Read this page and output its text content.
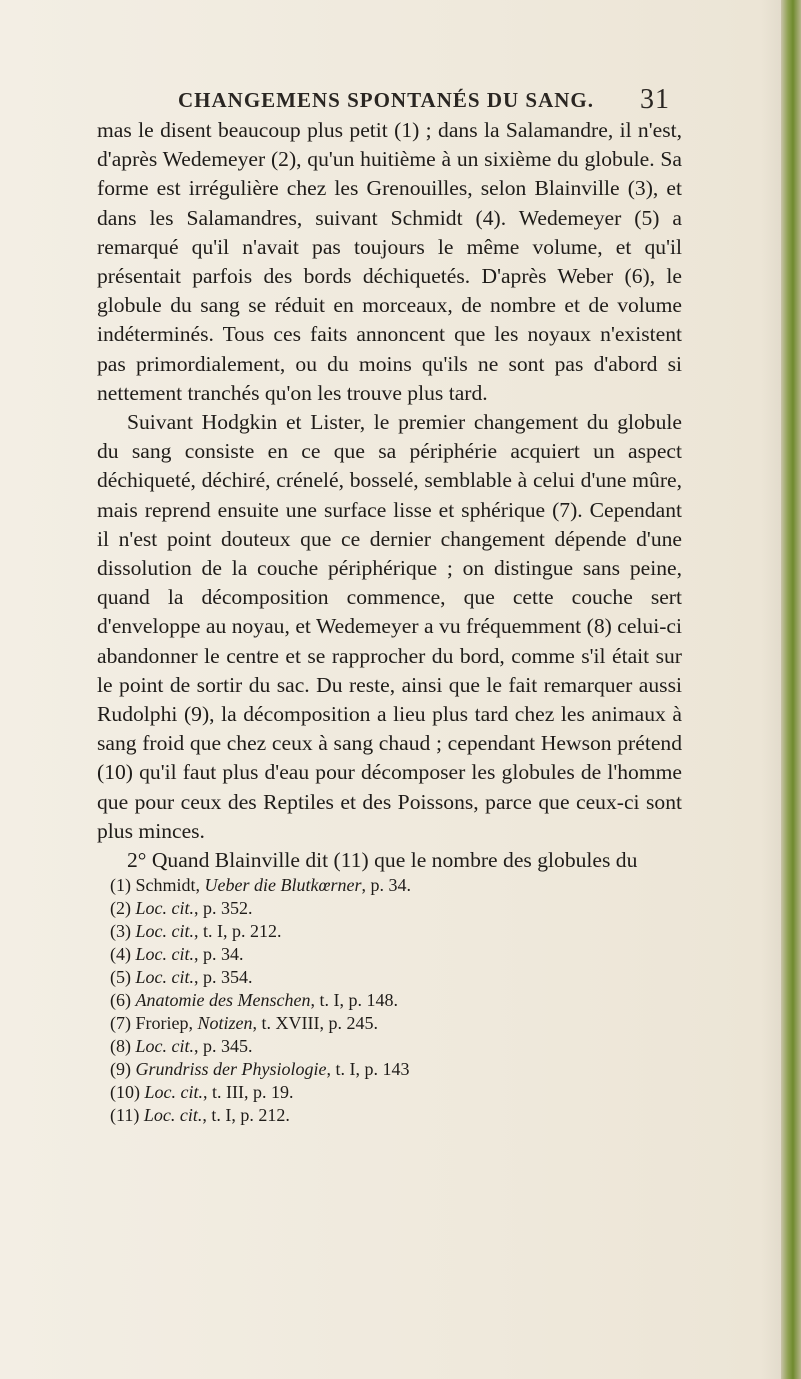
CHANGEMENS SPONTANÉS DU SANG. 31

mas le disent beaucoup plus petit (1) ; dans la Salamandre, il n'est, d'après Wedemeyer (2), qu'un huitième à un sixième du globule. Sa forme est irrégulière chez les Grenouilles, selon Blainville (3), et dans les Salamandres, suivant Schmidt (4). Wedemeyer (5) a remarqué qu'il n'avait pas toujours le même volume, et qu'il présentait parfois des bords déchiquetés. D'après Weber (6), le globule du sang se réduit en morceaux, de nombre et de volume indéterminés. Tous ces faits annoncent que les noyaux n'existent pas primordialement, ou du moins qu'ils ne sont pas d'abord si nettement tranchés qu'on les trouve plus tard.

Suivant Hodgkin et Lister, le premier changement du globule du sang consiste en ce que sa périphérie acquiert un aspect déchiqueté, déchiré, crénelé, bosselé, semblable à celui d'une mûre, mais reprend ensuite une surface lisse et sphérique (7). Cependant il n'est point douteux que ce dernier changement dépende d'une dissolution de la couche périphérique ; on distingue sans peine, quand la décomposition commence, que cette couche sert d'enveloppe au noyau, et Wedemeyer a vu fréquemment (8) celui-ci abandonner le centre et se rapprocher du bord, comme s'il était sur le point de sortir du sac. Du reste, ainsi que le fait remarquer aussi Rudolphi (9), la décomposition a lieu plus tard chez les animaux à sang froid que chez ceux à sang chaud ; cependant Hewson prétend (10) qu'il faut plus d'eau pour décomposer les globules de l'homme que pour ceux des Reptiles et des Poissons, parce que ceux-ci sont plus minces.

2° Quand Blainville dit (11) que le nombre des globules du

(1) Schmidt, Ueber die Blutkœrner, p. 34.
(2) Loc. cit., p. 352.
(3) Loc. cit., t. I, p. 212.
(4) Loc. cit., p. 34.
(5) Loc. cit., p. 354.
(6) Anatomie des Menschen, t. I, p. 148.
(7) Froriep, Notizen, t. XVIII, p. 245.
(8) Loc. cit., p. 345.
(9) Grundriss der Physiologie, t. I, p. 143
(10) Loc. cit., t. III, p. 19.
(11) Loc. cit., t. I, p. 212.
